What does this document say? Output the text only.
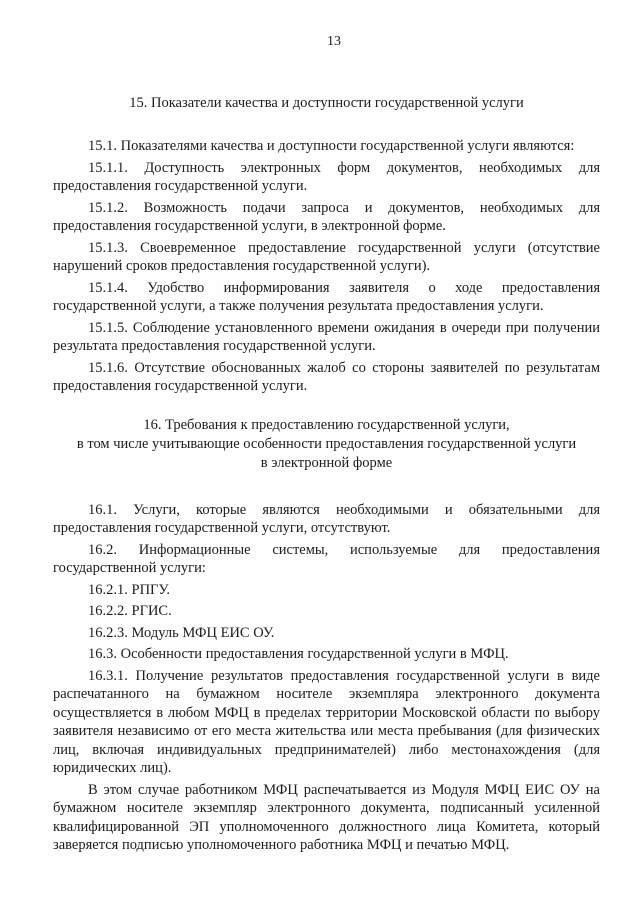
13
15. Показатели качества и доступности государственной услуги
15.1. Показателями качества и доступности государственной услуги являются:
15.1.1. Доступность электронных форм документов, необходимых для предоставления государственной услуги.
15.1.2. Возможность подачи запроса и документов, необходимых для предоставления государственной услуги, в электронной форме.
15.1.3. Своевременное предоставление государственной услуги (отсутствие нарушений сроков предоставления государственной услуги).
15.1.4. Удобство информирования заявителя о ходе предоставления государственной услуги, а также получения результата предоставления услуги.
15.1.5. Соблюдение установленного времени ожидания в очереди при получении результата предоставления государственной услуги.
15.1.6. Отсутствие обоснованных жалоб со стороны заявителей по результатам предоставления государственной услуги.
16. Требования к предоставлению государственной услуги,
в том числе учитывающие особенности предоставления государственной услуги
в электронной форме
16.1. Услуги, которые являются необходимыми и обязательными для предоставления государственной услуги, отсутствуют.
16.2. Информационные системы, используемые для предоставления государственной услуги:
16.2.1. РПГУ.
16.2.2. РГИС.
16.2.3. Модуль МФЦ ЕИС ОУ.
16.3. Особенности предоставления государственной услуги в МФЦ.
16.3.1. Получение результатов предоставления государственной услуги в виде распечатанного на бумажном носителе экземпляра электронного документа осуществляется в любом МФЦ в пределах территории Московской области по выбору заявителя независимо от его места жительства или места пребывания (для физических лиц, включая индивидуальных предпринимателей) либо местонахождения (для юридических лиц).
В этом случае работником МФЦ распечатывается из Модуля МФЦ ЕИС ОУ на бумажном носителе экземпляр электронного документа, подписанный усиленной квалифицированной ЭП уполномоченного должностного лица Комитета, который заверяется подписью уполномоченного работника МФЦ и печатью МФЦ.
